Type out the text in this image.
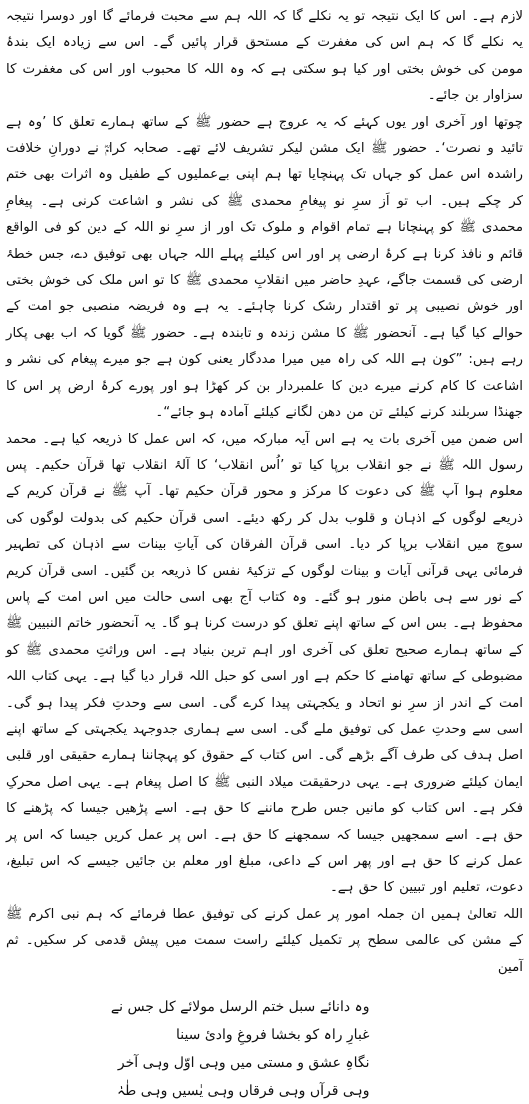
لازم ہے۔ اس کا ایک نتیجہ تو یہ نکلے گا کہ اللہ ہم سے محبت فرمائے گا اور دوسرا نتیجہ یہ نکلے گا کہ ہم اس کی مغفرت کے مستحق قرار پائیں گے۔ اس سے زیادہ ایک بندۂ مومن کی خوش بختی اور کیا ہو سکتی ہے کہ وہ اللہ کا محبوب اور اس کی مغفرت کا سزاوار بن جائے۔

چوتھا اور آخری اور یوں کہئے کہ یہ عروج ہے حضور ﷺ کے ساتھ ہمارے تعلق کا ’وہ ہے تائید و نصرت‘۔ حضور ﷺ ایک مشن لیکر تشریف لائے تھے۔ صحابہ کرامؓ نے دورانِ خلافت راشدہ اس عمل کو جہاں تک پہنچایا تھا ہم اپنی بےعملیوں کے طفیل وہ اثرات بھی ختم کر چکے ہیں۔ اب تو اَز سرِ نو پیغامِ محمدی ﷺ کی نشر و اشاعت کرنی ہے۔ پیغامِ محمدی ﷺ کو پہنچانا ہے تمام اقوام و ملوک تک اور از سرِ نو اللہ کے دین کو فی الواقع قائم و نافذ کرنا ہے کرۂ ارضی پر اور اس کیلئے پہلے اللہ جہاں بھی توفیق دے، جس خطۂ ارضی کی قسمت جاگے، عہدِ حاضر میں انقلابِ محمدی ﷺ کا تو اس ملک کی خوش بختی اور خوش نصیبی پر تو اقتدار رشک کرنا چاہئے۔ یہ ہے وہ فریضہ منصبی جو امت کے حوالے کیا گیا ہے۔ آنحضور ﷺ کا مشن زندہ و تابندہ ہے۔ حضور ﷺ گویا کہ اب بھی پکار رہے ہیں: ”کون ہے اللہ کی راہ میں میرا مددگار یعنی کون ہے جو میرے پیغام کی نشر و اشاعت کا کام کرنے میرے دین کا علمبردار بن کر کھڑا ہو اور پورے کرۂ ارض پر اس کا جھنڈا سربلند کرنے کیلئے تن من دھن لگانے کیلئے آمادہ ہو جائے“۔

اس ضمن میں آخری بات یہ ہے اس آیہ مبارکہ میں، کہ اس عمل کا ذریعہ کیا ہے۔ محمد رسول اللہ ﷺ نے جو انقلاب برپا کیا تو ’اُس انقلاب‘ کا آلۂ انقلاب تھا قرآن حکیم۔ پس معلوم ہوا آپ ﷺ کی دعوت کا مرکز و محور قرآن حکیم تھا۔ آپ ﷺ نے قرآن کریم کے ذریعے لوگوں کے اذہان و قلوب بدل کر رکھ دیئے۔ اسی قرآن حکیم کی بدولت لوگوں کی سوچ میں انقلاب برپا کر دیا۔ اسی قرآن الفرقان کی آیاتِ بینات سے اذہان کی تطہیر فرمائی یہی قرآنی آیات و بینات لوگوں کے تزکیۂ نفس کا ذریعہ بن گئیں۔ اسی قرآن کریم کے نور سے ہی باطن منور ہو گئے۔ وہ کتاب آج بھی اسی حالت میں اس امت کے پاس محفوظ ہے۔ بس اس کے ساتھ اپنے تعلق کو درست کرنا ہو گا۔ یہ آنحضور خاتم النبیین ﷺ کے ساتھ ہمارے صحیح تعلق کی آخری اور اہم ترین بنیاد ہے۔ اس وراثتِ محمدی ﷺ کو مضبوطی کے ساتھ تھامنے کا حکم ہے اور اسی کو حبل اللہ قرار دیا گیا ہے۔ یہی کتاب اللہ امت کے اندر از سرِ نو اتحاد و یکجہتی پیدا کرے گی۔ اسی سے وحدتِ فکر پیدا ہو گی۔ اسی سے وحدتِ عمل کی توفیق ملے گی۔ اسی سے ہماری جدوجہد یکجہتی کے ساتھ اپنے اصل ہدف کی طرف آگے بڑھے گی۔ اس کتاب کے حقوق کو پہچاننا ہمارے حقیقی اور قلبی ایمان کیلئے ضروری ہے۔ یہی درحقیقت میلاد النبی ﷺ کا اصل پیغام ہے۔ یہی اصل محرکِ فکر ہے۔ اس کتاب کو مانیں جس طرح ماننے کا حق ہے۔ اسے پڑھیں جیسا کہ پڑھنے کا حق ہے۔ اسے سمجھیں جیسا کہ سمجھنے کا حق ہے۔ اس پر عمل کریں جیسا کہ اس پر عمل کرنے کا حق ہے اور پھر اس کے داعی، مبلغ اور معلم بن جائیں جیسے کہ اس تبلیغ، دعوت، تعلیم اور تبیین کا حق ہے۔

اللہ تعالیٰ ہمیں ان جملہ امور پر عمل کرنے کی توفیق عطا فرمائے کہ ہم نبی اکرم ﷺ کے مشن کی عالمی سطح پر تکمیل کیلئے راست سمت میں پیش قدمی کر سکیں۔ ثم آمین

وہ دانائے سبل ختم الرسل مولائے کل جس نے
غبارِ راہ کو بخشا فروغِ وادیٔ سینا
نگاہِ عشق و مستی میں وہی اوّل وہی آخر
وہی قرآں وہی فرقاں وہی یٰسیں وہی طٰہٰ
